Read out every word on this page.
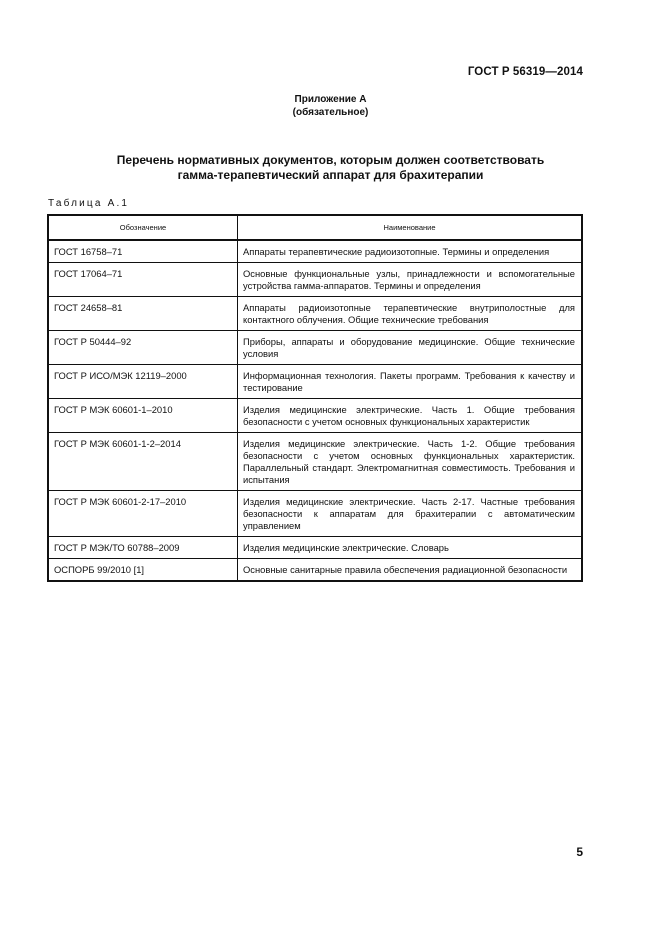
ГОСТ Р 56319—2014
Приложение А
(обязательное)
Перечень нормативных документов, которым должен соответствовать
гамма-терапевтический аппарат для брахитерапии
Таблица А.1
Обозначение	Наименование
ГОСТ 16758–71	Аппараты терапевтические радиоизотопные. Термины и определения
ГОСТ 17064–71	Основные функциональные узлы, принадлежности и вспомогательные устройства гамма-аппаратов. Термины и определения
ГОСТ 24658–81	Аппараты радиоизотопные терапевтические внутриполостные для контактного облучения. Общие технические требования
ГОСТ Р 50444–92	Приборы, аппараты и оборудование медицинские. Общие технические условия
ГОСТ Р ИСО/МЭК 12119–2000	Информационная технология. Пакеты программ. Требования к качеству и тестирование
ГОСТ Р МЭК 60601-1–2010	Изделия медицинские электрические. Часть 1. Общие требования безопасности с учетом основных функциональных характеристик
ГОСТ Р МЭК 60601-1-2–2014	Изделия медицинские электрические. Часть 1-2. Общие требования безопасности с учетом основных функциональных характеристик. Параллельный стандарт. Электромагнитная совместимость. Требования и испытания
ГОСТ Р МЭК 60601-2-17–2010	Изделия медицинские электрические. Часть 2-17. Частные требования безопасности к аппаратам для брахитерапии с автоматическим управлением
ГОСТ Р МЭК/ТО 60788–2009	Изделия медицинские электрические. Словарь
ОСПОРБ 99/2010 [1]	Основные санитарные правила обеспечения радиационной безопасности
5
